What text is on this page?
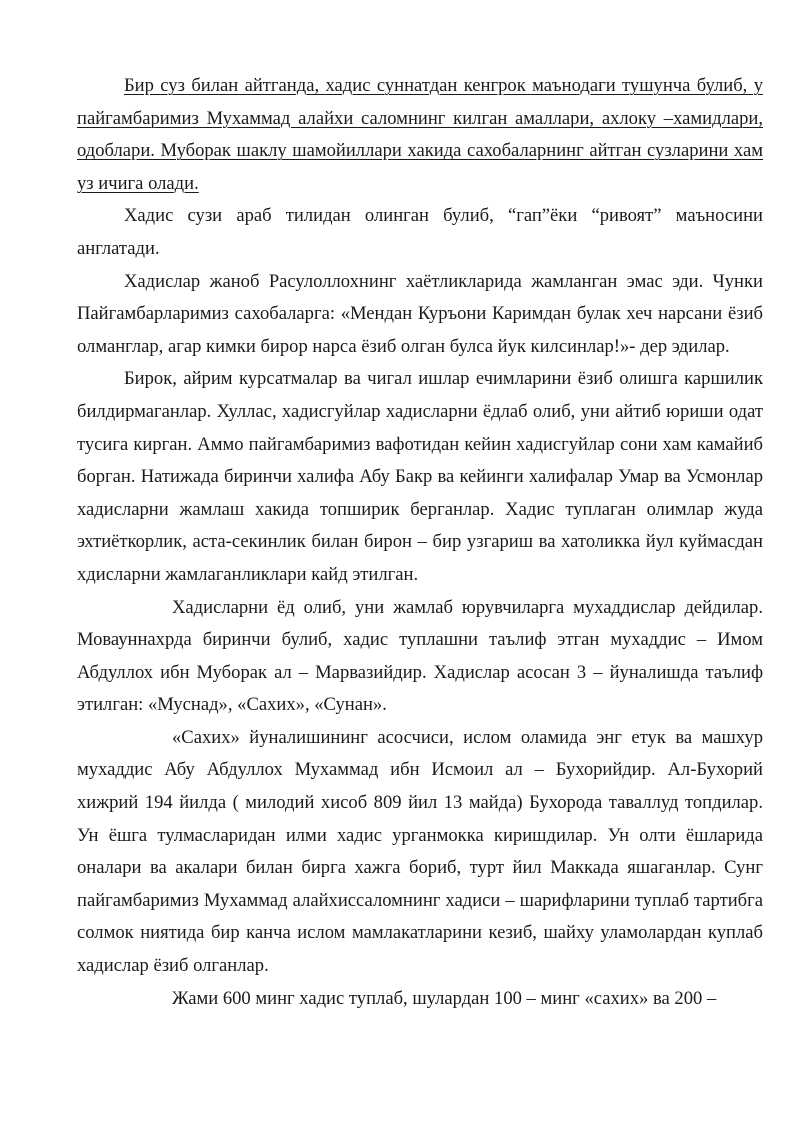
Бир суз билан айтганда, хадис суннатдан кенгрок маънодаги тушунча булиб, у пайгамбаримиз Мухаммад алайхи саломнинг килган амаллари, ахлоку –хамидлари, одоблари. Муборак шаклу шамойиллари хакида сахобаларнинг айтган сузларини хам уз ичига олади.

Хадис сузи араб тилидан олинган булиб, “гап”ёки “ривоят” маъносини англатади.

Хадислар жаноб Расулоллохнинг хаётликларида жамланган эмас эди. Чунки Пайгамбарларимиз сахобаларга: «Мендан Куръони Каримдан булак хеч нарсани ёзиб олманглар, агар кимки бирор нарса ёзиб олган булса йук килсинлар!»- дер эдилар.

Бирок, айрим курсатмалар ва чигал ишлар ечимларини ёзиб олишга каршилик билдирмаганлар. Хуллас, хадисгуйлар хадисларни ёдлаб олиб, уни айтиб юриши одат тусига кирган. Аммо пайгамбаримиз вафотидан кейин хадисгуйлар сони хам камайиб борган. Натижада биринчи халифа Абу Бакр ва кейинги халифалар Умар ва Усмонлар хадисларни жамлаш хакида топширик берганлар. Хадис туплаган олимлар жуда эхтиёткорлик, аста-секинлик билан бирон – бир узгариш ва хатоликка йул куймасдан хдисларни жамлаганликлари кайд этилган.

Хадисларни ёд олиб, уни жамлаб юрувчиларга мухаддислар дейдилар. Мовауннахрда биринчи булиб, хадис туплашни таълиф этган мухаддис – Имом Абдуллох ибн Муборак ал – Марвазийдир. Хадислар асосан 3 – йуналишда таълиф этилган: «Муснад», «Сахих», «Сунан».

«Сахих» йуналишининг асосчиси, ислом оламида энг етук ва машхур мухаддис Абу Абдуллох Мухаммад ибн Исмоил ал – Бухорийдир. Ал-Бухорий хижрий 194 йилда ( милодий хисоб 809 йил 13 майда) Бухорода таваллуд топдилар. Ун ёшга тулмасларидан илми хадис урганмокка киришдилар. Ун олти ёшларида оналари ва акалари билан бирга хажга бориб, турт йил Маккада яшаганлар. Сунг пайгамбаримиз Мухаммад алайхиссаломнинг хадиси – шарифларини туплаб тартибга солмок ниятида бир канча ислом мамлакатларини кезиб, шайху уламолардан куплаб хадислар ёзиб олганлар.

Жами 600 минг хадис туплаб, шулардан 100 – минг «сахих» ва 200 –
